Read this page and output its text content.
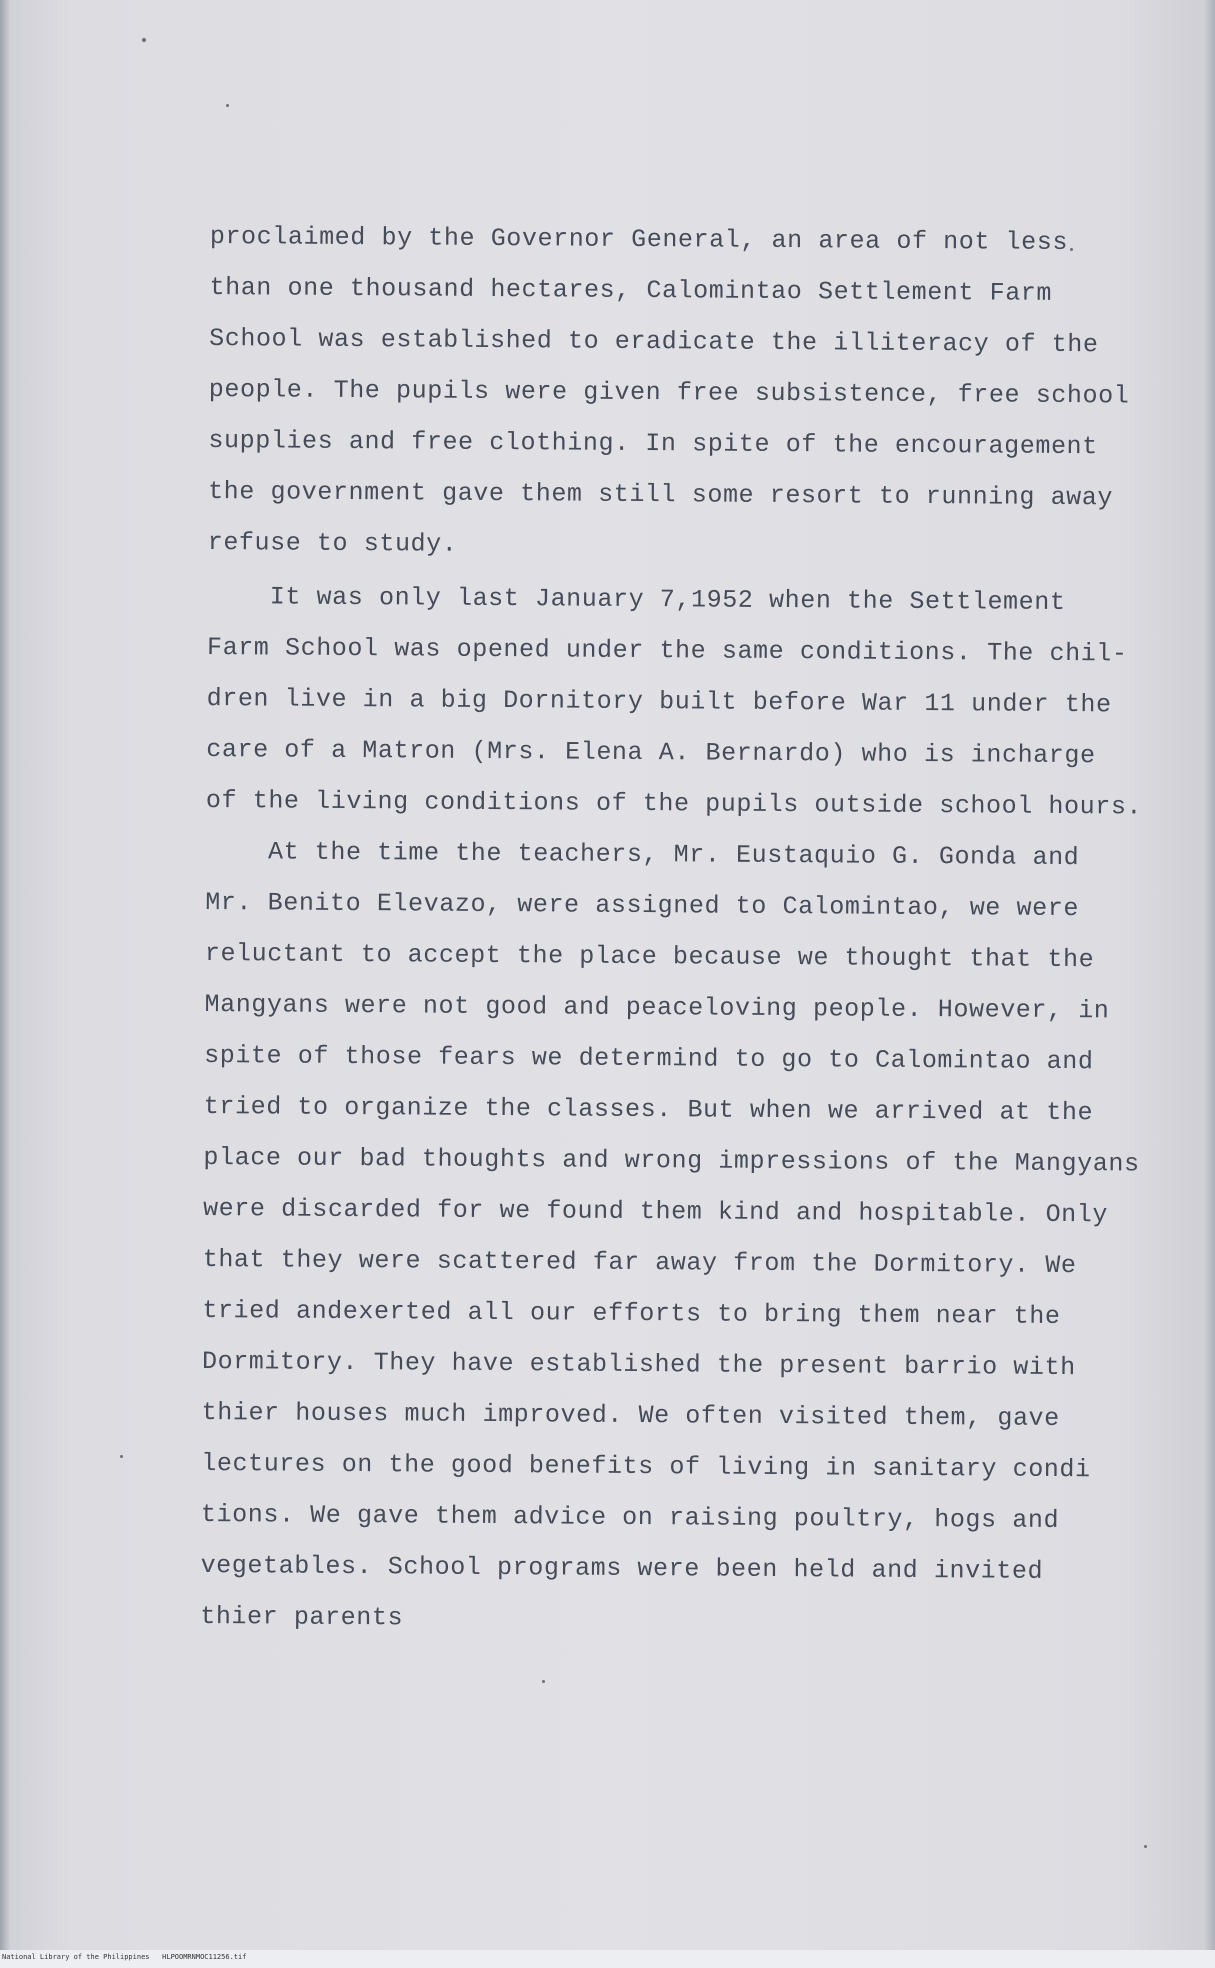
proclaimed by the Governor General, an area of not less
than one thousand hectares, Calomintao Settlement Farm
School was established to eradicate the illiteracy of the
people. The pupils were given free subsistence, free school
supplies and free clothing. In spite of the encouragement
the government gave them still some resort to running away
refuse to study.
It was only last January 7,1952 when the Settlement
Farm School was opened under the same conditions. The chil-
dren live in a big Dornitory built before War 11 under the
care of a Matron (Mrs. Elena A. Bernardo) who is incharge
of the living conditions of the pupils outside school hours.
At the time the teachers, Mr. Eustaquio G. Gonda and
Mr. Benito Elevazo, were assigned to Calomintao, we were
reluctant to accept the place because we thought that the
Mangyans were not good and peaceloving people. However, in
spite of those fears we determind to go to Calomintao and
tried to organize the classes. But when we arrived at the
place our bad thoughts and wrong impressions of the Mangyans
were discarded for we found them kind and hospitable. Only
that they were scattered far away from the Dormitory. We
tried andexerted all our efforts to bring them near the
Dormitory. They have established the present barrio with
thier houses much improved. We often visited them, gave
lectures on the good benefits of living in sanitary condi
tions. We gave them advice on raising poultry, hogs and
vegetables. School programs were been held and invited
thier parents
National Library of the Philippines   HLPOOMRNMOC11256.tif
